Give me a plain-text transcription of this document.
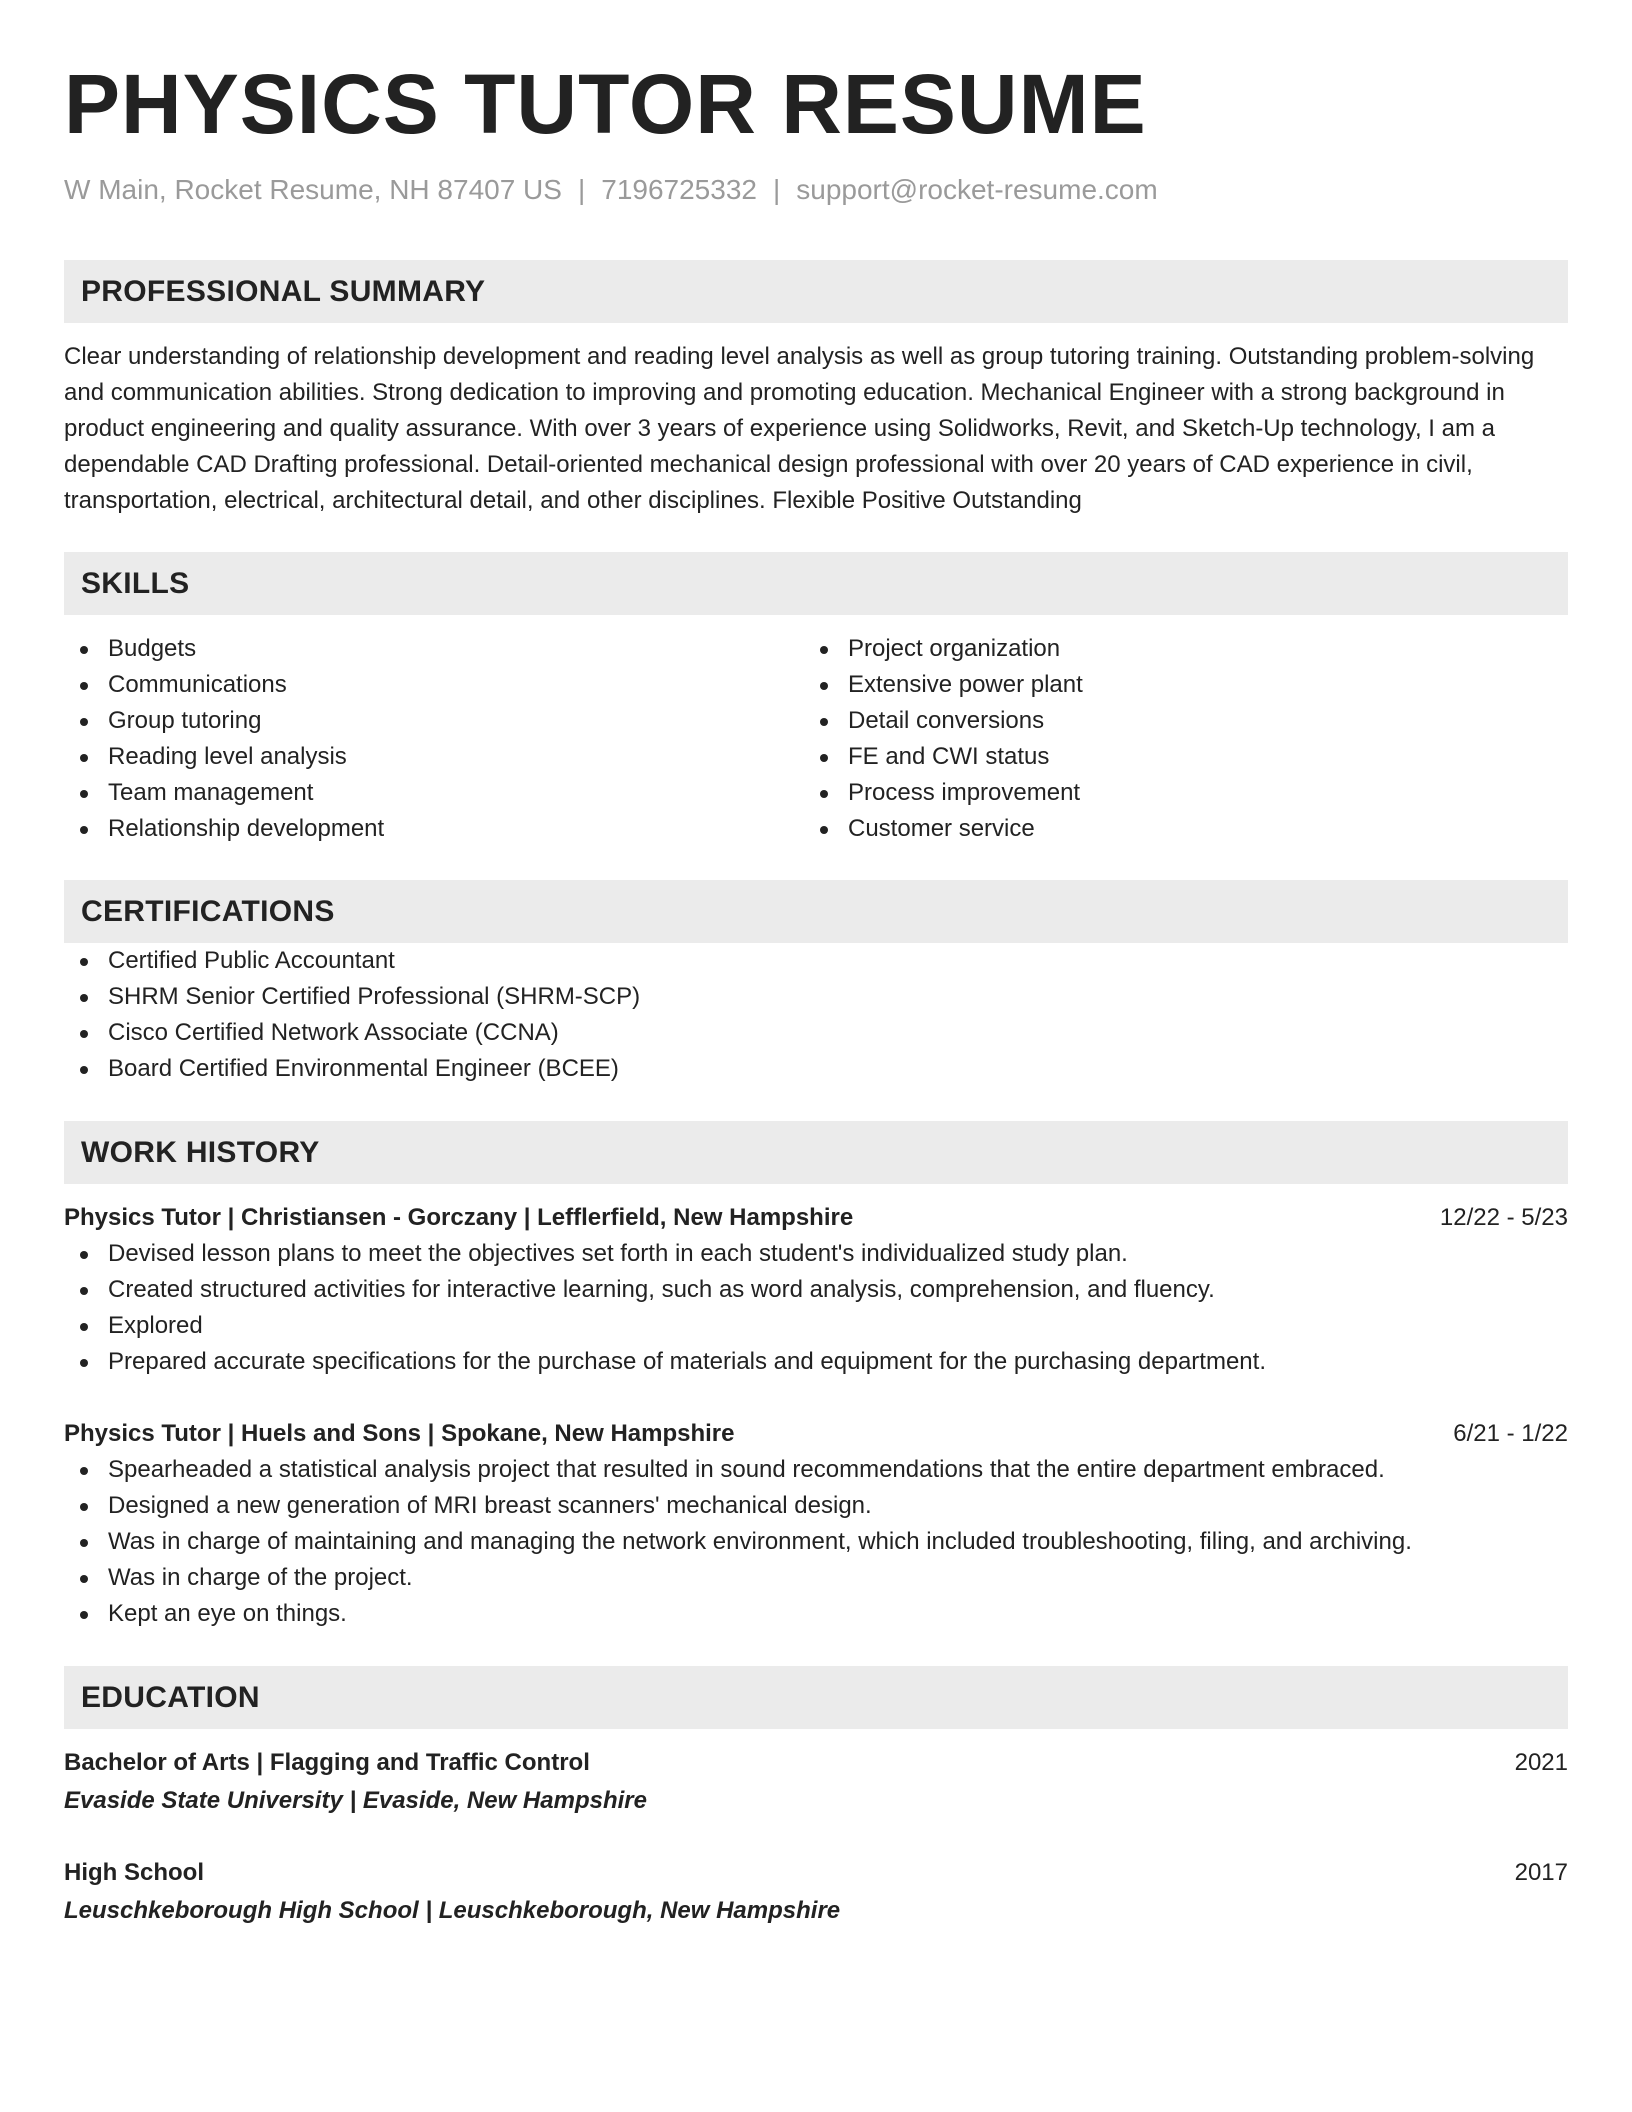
PHYSICS TUTOR RESUME
W Main, Rocket Resume, NH 87407 US | 7196725332 | support@rocket-resume.com
PROFESSIONAL SUMMARY

Clear understanding of relationship development and reading level analysis as well as group tutoring training. Outstanding problem-solving and communication abilities. Strong dedication to improving and promoting education. Mechanical Engineer with a strong background in product engineering and quality assurance. With over 3 years of experience using Solidworks, Revit, and Sketch-Up technology, I am a dependable CAD Drafting professional. Detail-oriented mechanical design professional with over 20 years of CAD experience in civil, transportation, electrical, architectural detail, and other disciplines. Flexible Positive Outstanding

SKILLS
Budgets
Communications
Group tutoring
Reading level analysis
Team management
Relationship development
Project organization
Extensive power plant
Detail conversions
FE and CWI status
Process improvement
Customer service
CERTIFICATIONS
Certified Public Accountant
SHRM Senior Certified Professional (SHRM-SCP)
Cisco Certified Network Associate (CCNA)
Board Certified Environmental Engineer (BCEE)
WORK HISTORY
Physics Tutor | Christiansen - Gorczany | Lefflerfield, New Hampshire	12/22 - 5/23
Devised lesson plans to meet the objectives set forth in each student's individualized study plan.
Created structured activities for interactive learning, such as word analysis, comprehension, and fluency.
Explored
Prepared accurate specifications for the purchase of materials and equipment for the purchasing department.
Physics Tutor | Huels and Sons | Spokane, New Hampshire	6/21 - 1/22
Spearheaded a statistical analysis project that resulted in sound recommendations that the entire department embraced.
Designed a new generation of MRI breast scanners' mechanical design.
Was in charge of maintaining and managing the network environment, which included troubleshooting, filing, and archiving.
Was in charge of the project.
Kept an eye on things.
EDUCATION
Bachelor of Arts | Flagging and Traffic Control	2021
Evaside State University | Evaside, New Hampshire
High School	2017
Leuschkeborough High School | Leuschkeborough, New Hampshire
